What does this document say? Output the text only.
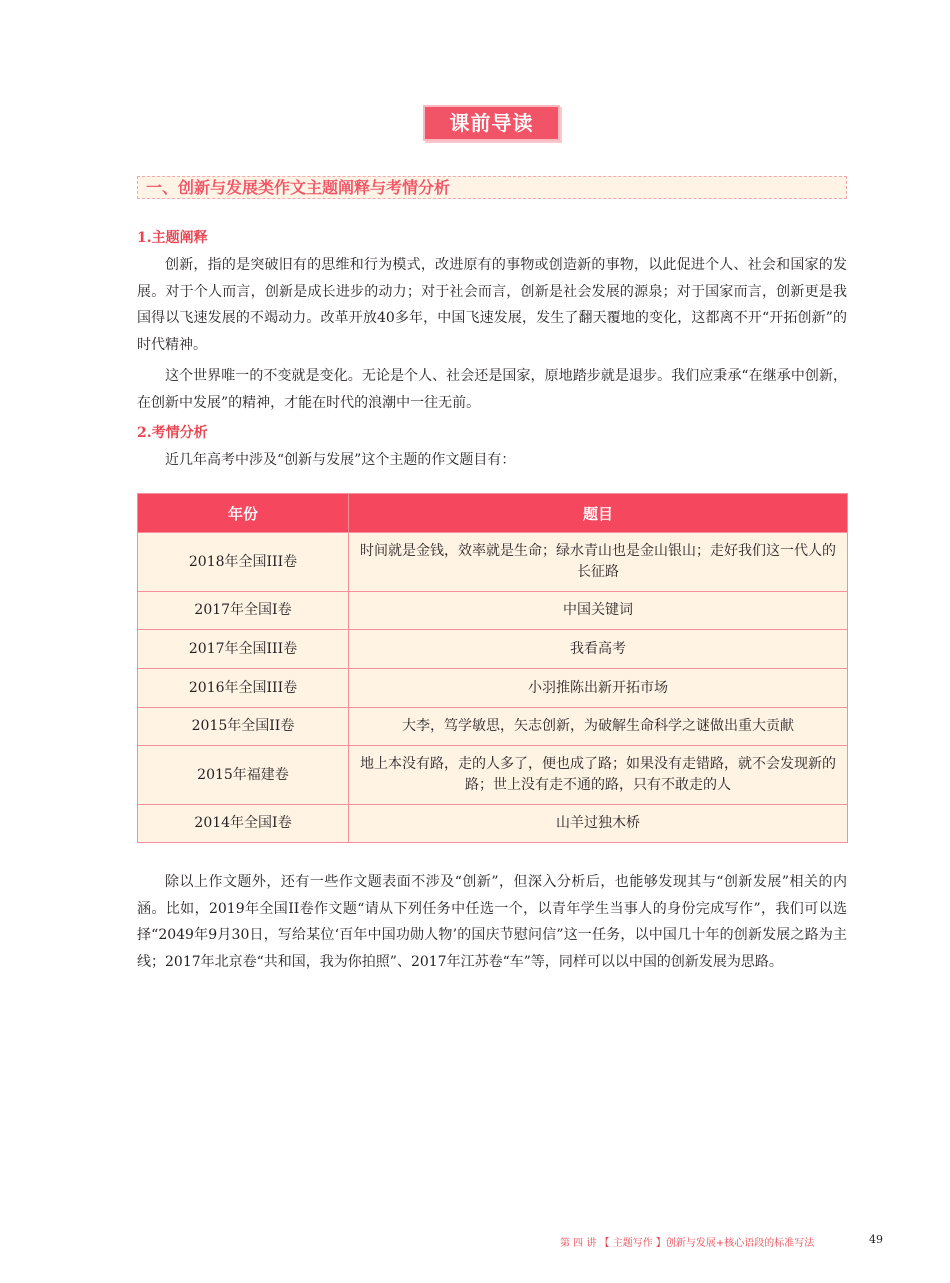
课前导读
一、创新与发展类作文主题阐释与考情分析
1.主题阐释

创新，指的是突破旧有的思维和行为模式，改进原有的事物或创造新的事物，以此促进个人、社会和国家的发展。对于个人而言，创新是成长进步的动力；对于社会而言，创新是社会发展的源泉；对于国家而言，创新更是我国得以飞速发展的不竭动力。改革开放40多年，中国飞速发展，发生了翻天覆地的变化，这都离不开“开拓创新”的时代精神。

这个世界唯一的不变就是变化。无论是个人、社会还是国家，原地踏步就是退步。我们应秉承“在继承中创新，在创新中发展”的精神，才能在时代的浪潮中一往无前。

2.考情分析

近几年高考中涉及“创新与发展”这个主题的作文题目有：

年份	题目
2018年全国III卷	时间就是金钱，效率就是生命；绿水青山也是金山银山；走好我们这一代人的长征路
2017年全国I卷	中国关键词
2017年全国III卷	我看高考
2016年全国III卷	小羽推陈出新开拓市场
2015年全国II卷	大李，笃学敏思，矢志创新，为破解生命科学之谜做出重大贡献
2015年福建卷	地上本没有路，走的人多了，便也成了路；如果没有走错路，就不会发现新的路；世上没有走不通的路，只有不敢走的人
2014年全国I卷	山羊过独木桥

除以上作文题外，还有一些作文题表面不涉及“创新”，但深入分析后，也能够发现其与“创新发展”相关的内涵。比如，2019年全国II卷作文题“请从下列任务中任选一个，以青年学生当事人的身份完成写作”，我们可以选择“2049年9月30日，写给某位‘百年中国功勋人物’的国庆节慰问信”这一任务，以中国几十年的创新发展之路为主线；2017年北京卷“共和国，我为你拍照”、2017年江苏卷“车”等，同样可以以中国的创新发展为思路。

第 四 讲 【 主题写作 】创新与发展+核心语段的标准写法	49
